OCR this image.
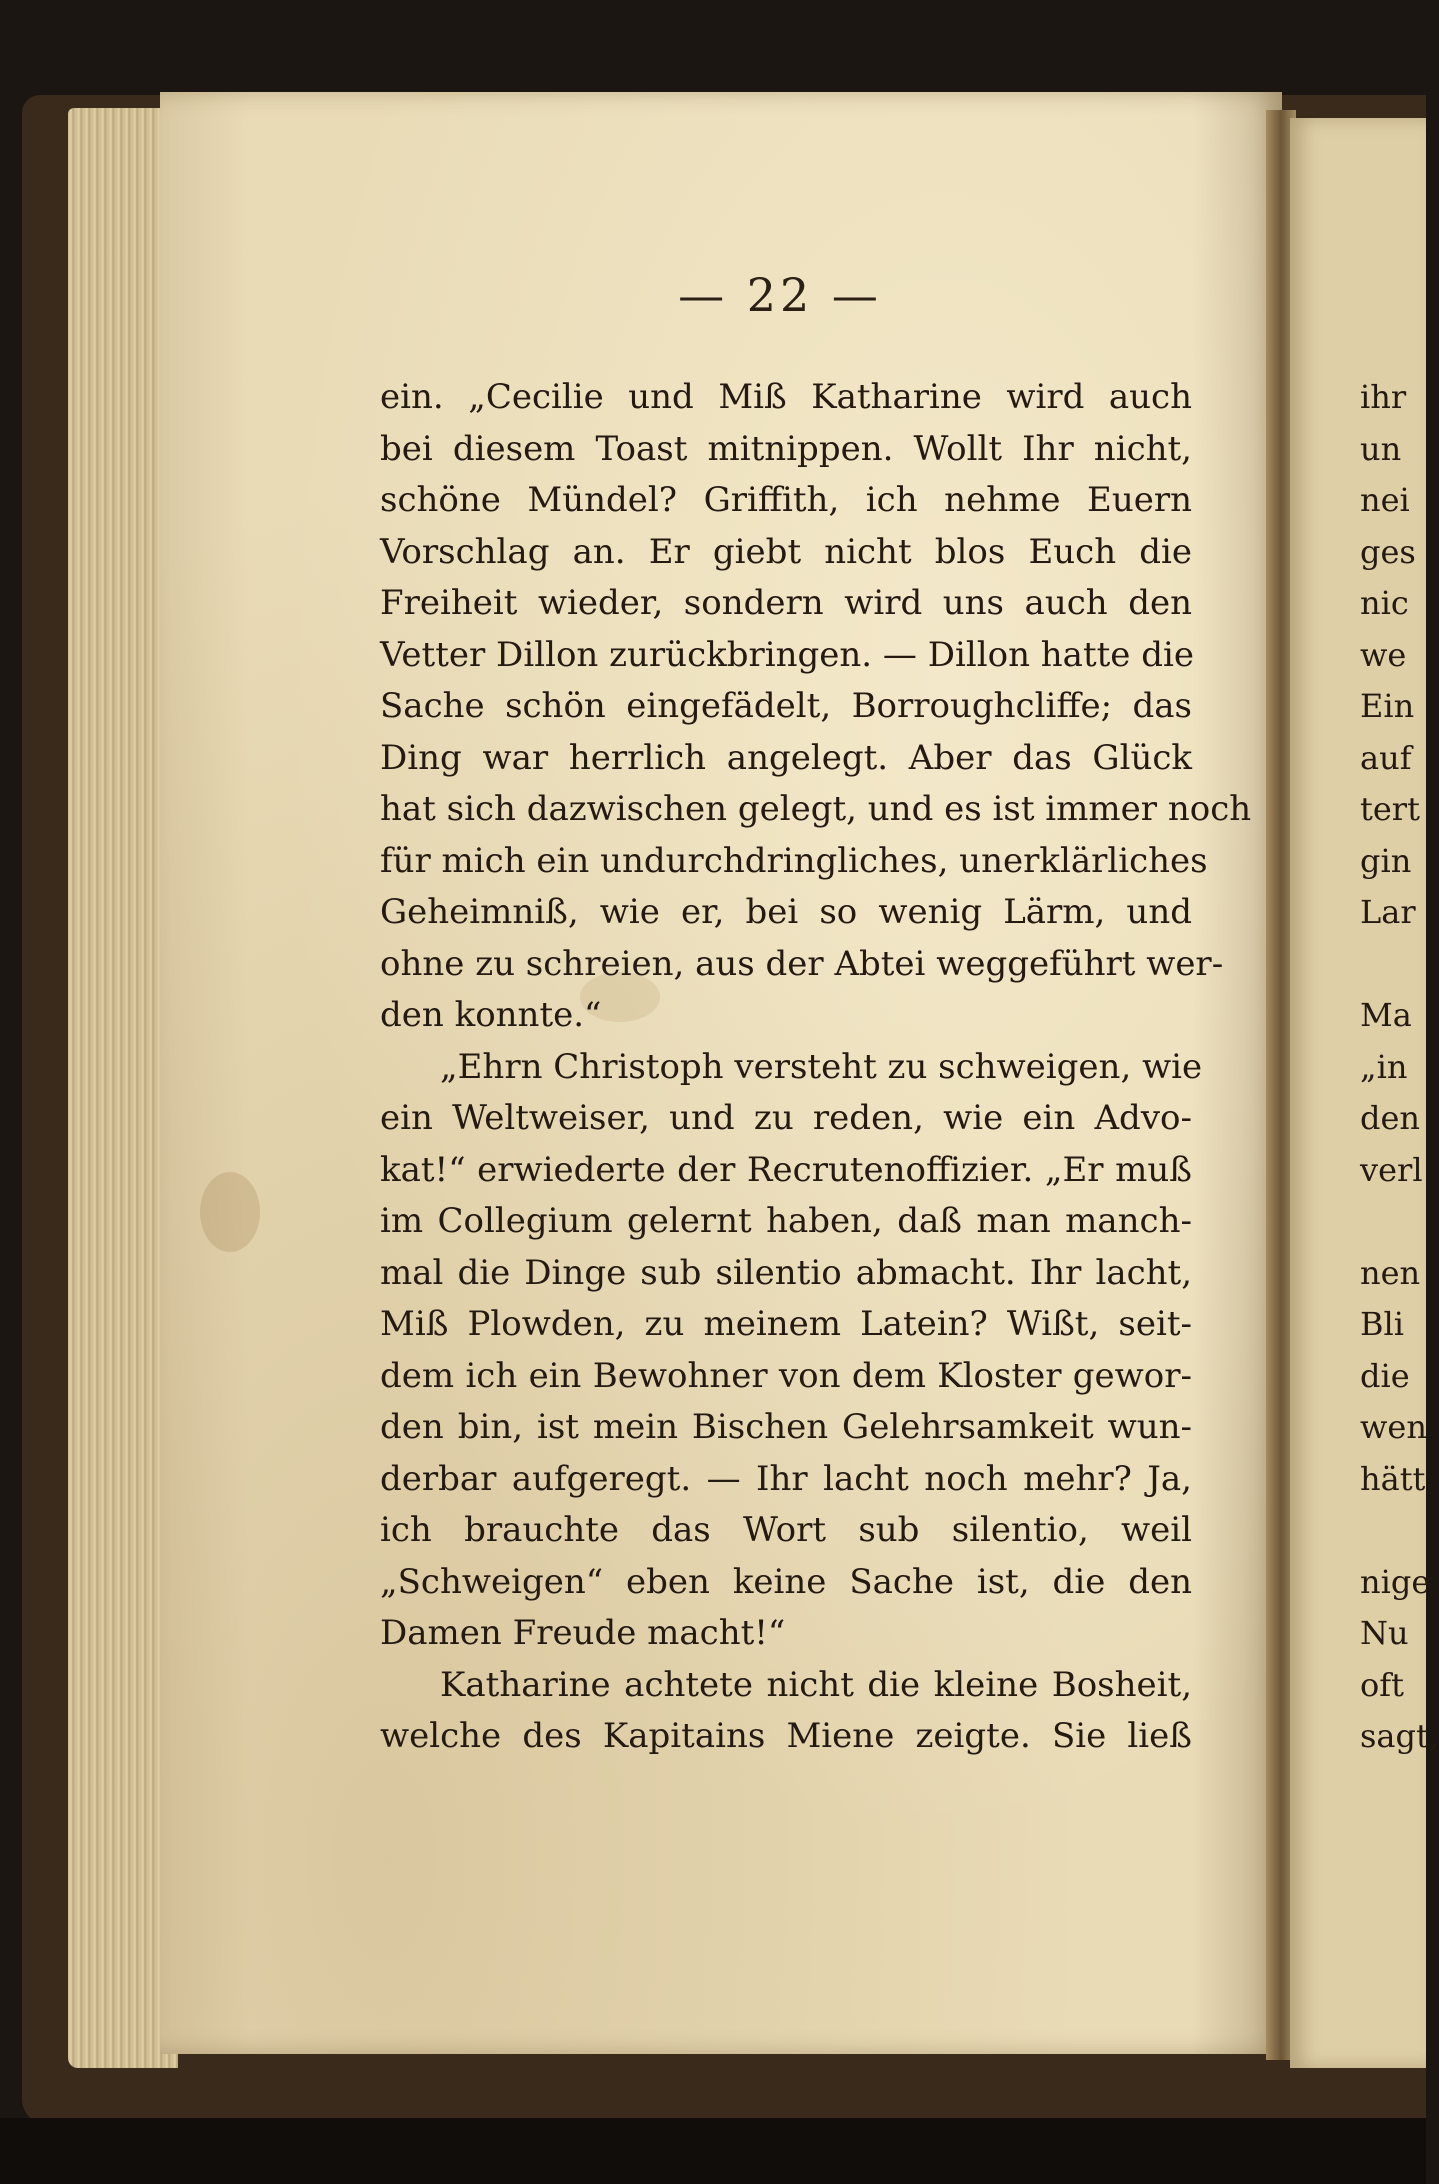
— 22 —
ein. „Cecilie und Miß Katharine wird auch
bei diesem Toast mitnippen. Wollt Ihr nicht,
schöne Mündel? Griffith, ich nehme Euern
Vorschlag an. Er giebt nicht blos Euch die
Freiheit wieder, sondern wird uns auch den
Vetter Dillon zurückbringen. — Dillon hatte die
Sache schön eingefädelt, Borroughcliffe; das
Ding war herrlich angelegt. Aber das Glück
hat sich dazwischen gelegt, und es ist immer noch
für mich ein undurchdringliches, unerklärliches
Geheimniß, wie er, bei so wenig Lärm, und
ohne zu schreien, aus der Abtei weggeführt wer-
den konnte.“
„Ehrn Christoph versteht zu schweigen, wie
ein Weltweiser, und zu reden, wie ein Advo-
kat!“ erwiederte der Recrutenoffizier. „Er muß
im Collegium gelernt haben, daß man manch-
mal die Dinge sub silentio abmacht. Ihr lacht,
Miß Plowden, zu meinem Latein? Wißt, seit-
dem ich ein Bewohner von dem Kloster gewor-
den bin, ist mein Bischen Gelehrsamkeit wun-
derbar aufgeregt. — Ihr lacht noch mehr? Ja,
ich brauchte das Wort sub silentio, weil
„Schweigen“ eben keine Sache ist, die den
Damen Freude macht!“
Katharine achtete nicht die kleine Bosheit,
welche des Kapitains Miene zeigte. Sie ließ
ihr
un
nei
ges
nic
we
Ein
auf
tert
gin
Lar
Ma
„in
den
verl
nen
Bli
die
wen
hätt
nige
Nu
oft
sagt,
